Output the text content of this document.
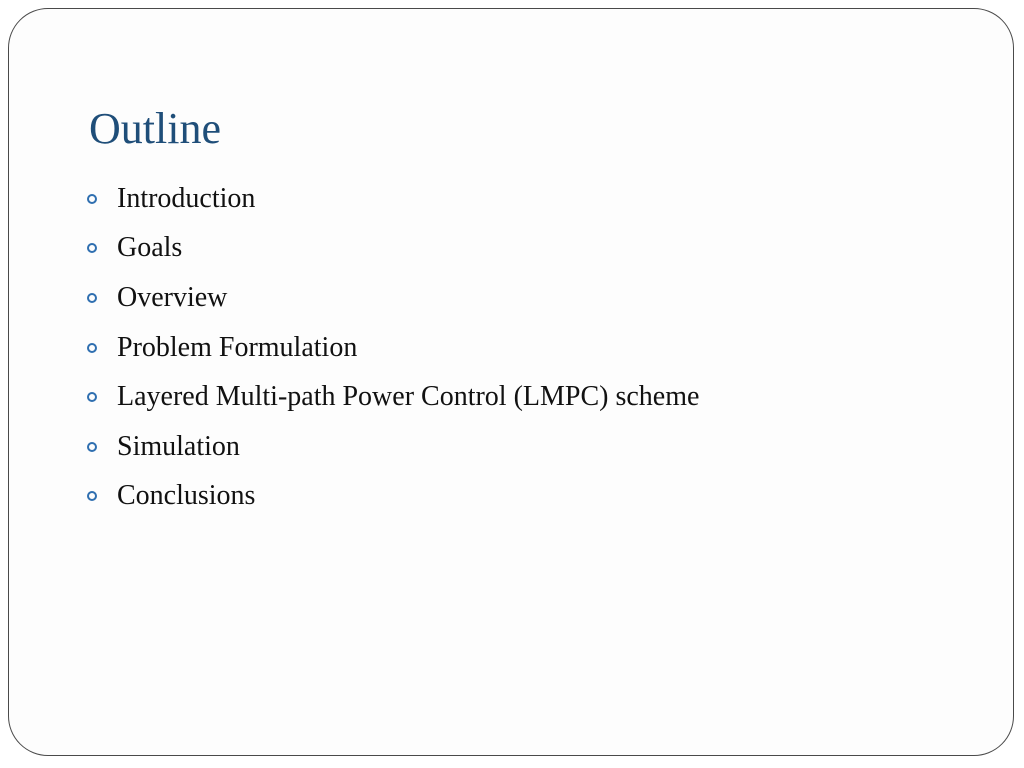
Outline
Introduction
Goals
Overview
Problem Formulation
Layered Multi-path Power Control (LMPC) scheme
Simulation
Conclusions
